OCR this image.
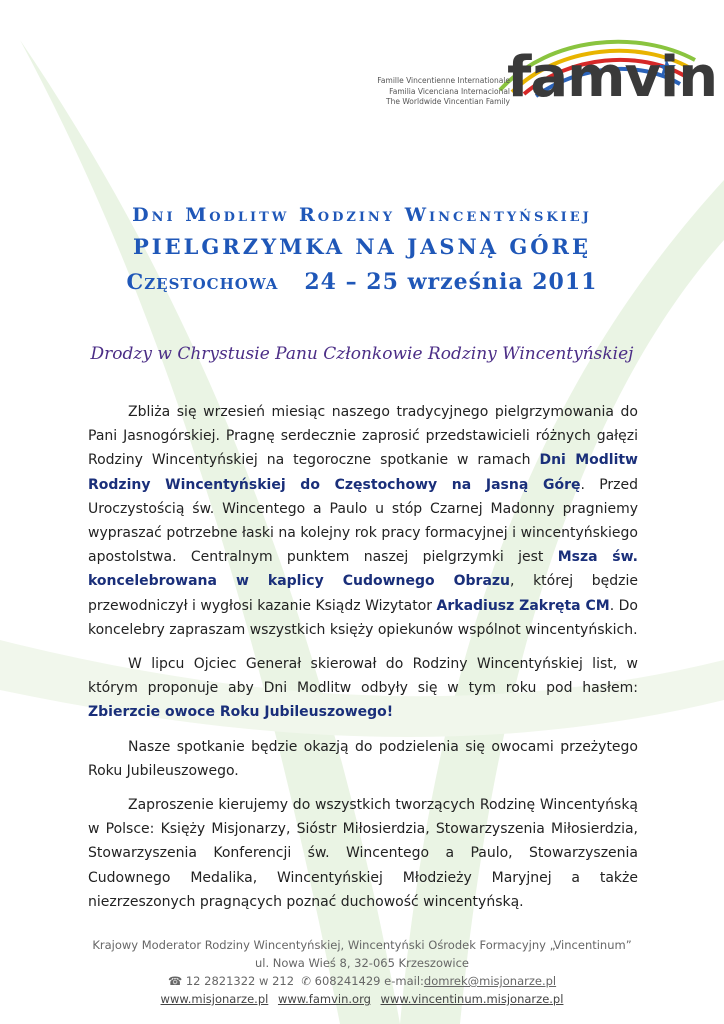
Famille Vincentienne Internationale
Familia Vicenciana Internacional
The Worldwide Vincentian Family
famvin
Dni Modlitw Rodziny Wincentyńskiej
PIELGRZYMKA NA JASNĄ GÓRĘ
Częstochowa 24 – 25 września 2011
Drodzy w Chrystusie Panu Członkowie Rodziny Wincentyńskiej

Zbliża się wrzesień miesiąc naszego tradycyjnego pielgrzymowania do Pani Jasnogórskiej. Pragnę serdecznie zaprosić przedstawicieli różnych gałęzi Rodziny Wincentyńskiej na tegoroczne spotkanie w ramach Dni Modlitw Rodziny Wincentyńskiej do Częstochowy na Jasną Górę. Przed Uroczystością św. Wincentego a Paulo u stóp Czarnej Madonny pragniemy wypraszać potrzebne łaski na kolejny rok pracy formacyjnej i wincentyńskiego apostolstwa. Centralnym punktem naszej pielgrzymki jest Msza św. koncelebrowana w kaplicy Cudownego Obrazu, której będzie przewodniczył i wygłosi kazanie Ksiądz Wizytator Arkadiusz Zakręta CM. Do koncelebry zapraszam wszystkich księży opiekunów wspólnot wincentyńskich.

W lipcu Ojciec Generał skierował do Rodziny Wincentyńskiej list, w którym proponuje aby Dni Modlitw odbyły się w tym roku pod hasłem: Zbierzcie owoce Roku Jubileuszowego!

Nasze spotkanie będzie okazją do podzielenia się owocami przeżytego Roku Jubileuszowego.

Zaproszenie kierujemy do wszystkich tworzących Rodzinę Wincentyńską w Polsce: Księży Misjonarzy, Sióstr Miłosierdzia, Stowarzyszenia Miłosierdzia, Stowarzyszenia Konferencji św. Wincentego a Paulo, Stowarzyszenia Cudownego Medalika, Wincentyńskiej Młodzieży Maryjnej a także niezrzeszonych pragnących poznać duchowość wincentyńską.

Krajowy Moderator Rodziny Wincentyńskiej, Wincentyński Ośrodek Formacyjny „Vincentinum”
ul. Nowa Wieś 8, 32-065 Krzeszowice
☎ 12 2821322 w 212 ✆ 608241429 e-mail:domrek@misjonarze.pl
www.misjonarze.pl www.famvin.org www.vincentinum.misjonarze.pl
